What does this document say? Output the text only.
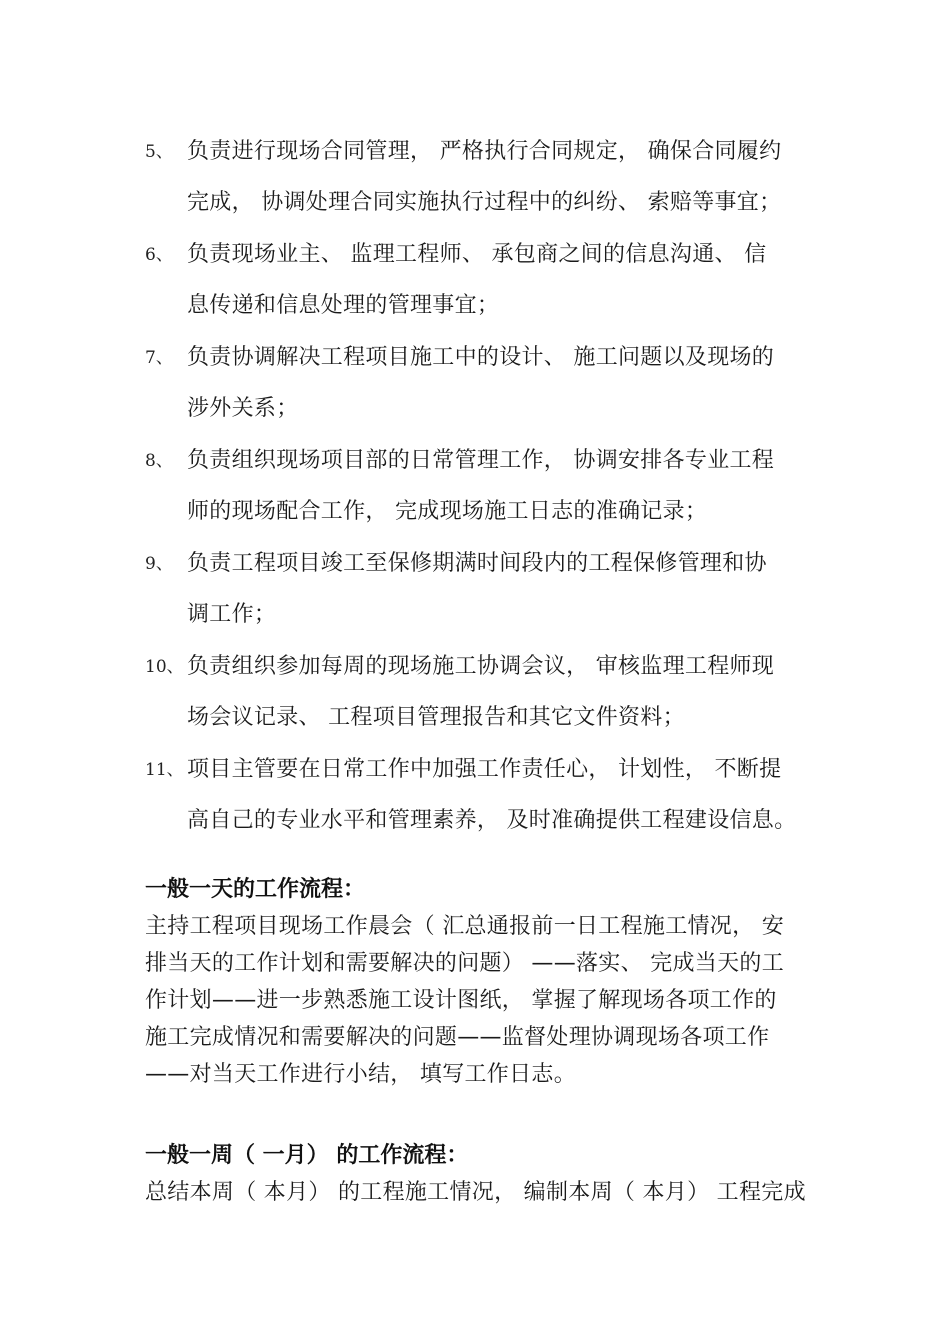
5、 负责进行现场合同管理， 严格执行合同规定， 确保合同履约
完成， 协调处理合同实施执行过程中的纠纷、 索赔等事宜；
6、 负责现场业主、 监理工程师、 承包商之间的信息沟通、 信
息传递和信息处理的管理事宜；
7、 负责协调解决工程项目施工中的设计、 施工问题以及现场的
涉外关系；
8、 负责组织现场项目部的日常管理工作， 协调安排各专业工程
师的现场配合工作， 完成现场施工日志的准确记录；
9、 负责工程项目竣工至保修期满时间段内的工程保修管理和协
调工作；
10、 负责组织参加每周的现场施工协调会议， 审核监理工程师现
场会议记录、 工程项目管理报告和其它文件资料；
11、 项目主管要在日常工作中加强工作责任心， 计划性， 不断提
高自己的专业水平和管理素养， 及时准确提供工程建设信息。
一般一天的工作流程：
主持工程项目现场工作晨会（ 汇总通报前一日工程施工情况， 安
排当天的工作计划和需要解决的问题） ——落实、 完成当天的工
作计划——进一步熟悉施工设计图纸， 掌握了解现场各项工作的
施工完成情况和需要解决的问题——监督处理协调现场各项工作
——对当天工作进行小结， 填写工作日志。
一般一周（ 一月） 的工作流程：
总结本周（ 本月） 的工程施工情况， 编制本周（ 本月） 工程完成
